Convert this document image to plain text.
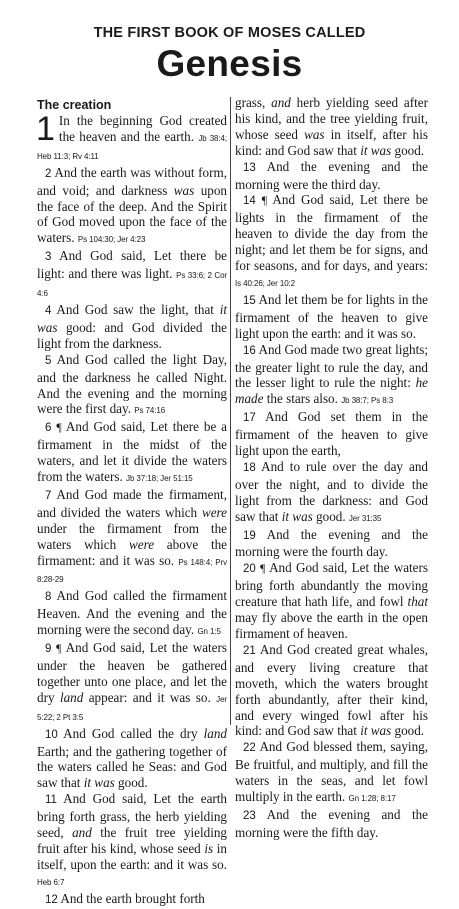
THE FIRST BOOK OF MOSES CALLED
Genesis
The creation

1 In the beginning God created the heaven and the earth. Jb 38:4; Heb 11:3; Rv 4:11

2 And the earth was without form, and void; and darkness was upon the face of the deep. And the Spirit of God moved upon the face of the waters. Ps 104:30; Jer 4:23

3 And God said, Let there be light: and there was light. Ps 33:6; 2 Cor 4:6

4 And God saw the light, that it was good: and God divided the light from the darkness.

5 And God called the light Day, and the darkness he called Night. And the evening and the morning were the first day. Ps 74:16

6 ¶ And God said, Let there be a firmament in the midst of the waters, and let it divide the waters from the waters. Jb 37:18; Jer 51:15

7 And God made the firmament, and divided the waters which were under the firmament from the waters which were above the firmament: and it was so. Ps 148:4; Prv 8:28-29

8 And God called the firmament Heaven. And the evening and the morning were the second day. Gn 1:5

9 ¶ And God said, Let the waters under the heaven be gathered together unto one place, and let the dry land appear: and it was so. Jer 5:22; 2 Pt 3:5

10 And God called the dry land Earth; and the gathering together of the waters called he Seas: and God saw that it was good.

11 And God said, Let the earth bring forth grass, the herb yielding seed, and the fruit tree yielding fruit after his kind, whose seed is in itself, upon the earth: and it was so. Heb 6:7

12 And the earth brought forth

grass, and herb yielding seed after his kind, and the tree yielding fruit, whose seed was in itself, after his kind: and God saw that it was good.

13 And the evening and the morning were the third day.

14 ¶ And God said, Let there be lights in the firmament of the heaven to divide the day from the night; and let them be for signs, and for seasons, and for days, and years: Is 40:26; Jer 10:2

15 And let them be for lights in the firmament of the heaven to give light upon the earth: and it was so.

16 And God made two great lights; the greater light to rule the day, and the lesser light to rule the night: he made the stars also. Jb 38:7; Ps 8:3

17 And God set them in the firmament of the heaven to give light upon the earth,

18 And to rule over the day and over the night, and to divide the light from the darkness: and God saw that it was good. Jer 31:35

19 And the evening and the morning were the fourth day.

20 ¶ And God said, Let the waters bring forth abundantly the moving creature that hath life, and fowl that may fly above the earth in the open firmament of heaven.

21 And God created great whales, and every living creature that moveth, which the waters brought forth abundantly, after their kind, and every winged fowl after his kind: and God saw that it was good.

22 And God blessed them, saying, Be fruitful, and multiply, and fill the waters in the seas, and let fowl multiply in the earth. Gn 1:28; 8:17

23 And the evening and the morning were the fifth day.
